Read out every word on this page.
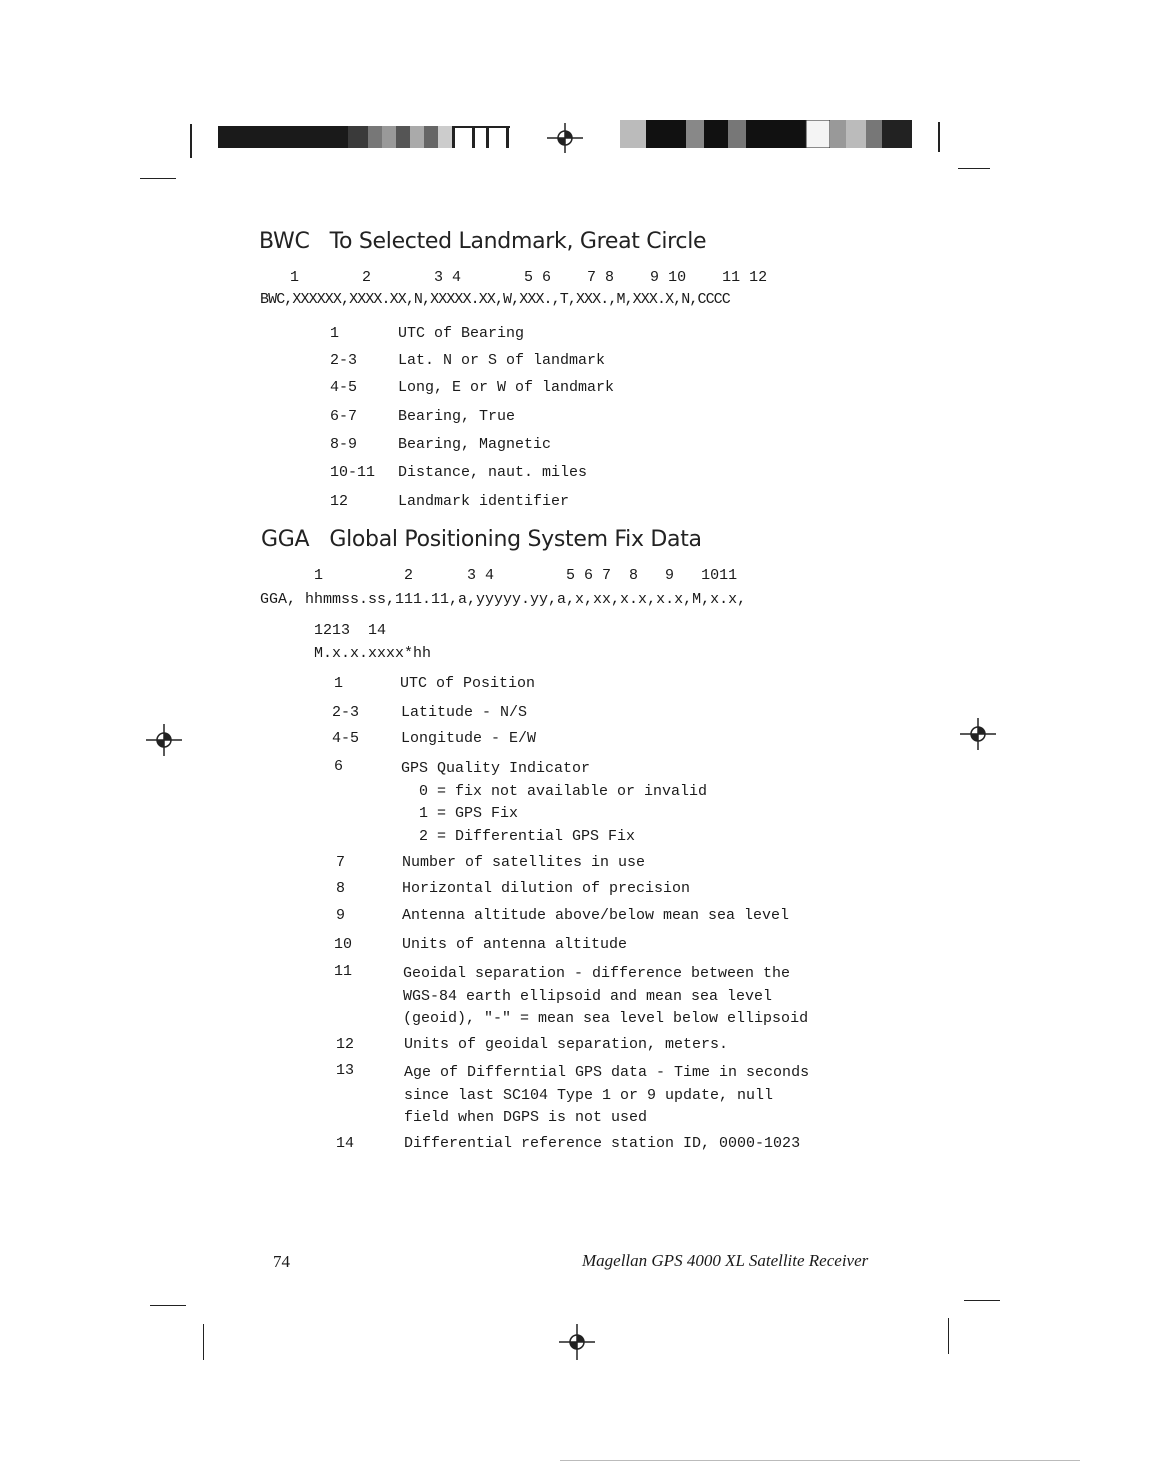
BWC   To Selected Landmark, Great Circle
1       2       3 4       5 6    7 8    9 10    11 12
BWC,XXXXXX,XXXX.XX,N,XXXXX.XX,W,XXX.,T,XXX.,M,XXX.X,N,CCCC
1	UTC of Bearing
2-3	Lat. N or S of landmark
4-5	Long, E or W of landmark
6-7	Bearing, True
8-9	Bearing, Magnetic
10-11 Distance, naut. miles
12	Landmark identifier
GGA   Global Positioning System Fix Data
1         2      3 4        5 6 7  8   9   1011
GGA, hhmmss.ss,111.11,a,yyyyy.yy,a,x,xx,x.x,x.x,M,x.x,
1213  14
M.x.x.xxxx*hh
1	UTC of Position
2-3	Latitude - N/S
4-5	Longitude - E/W
6	GPS Quality Indicator
0 = fix not available or invalid
1 = GPS Fix
2 = Differential GPS Fix
7	Number of satellites in use
8	Horizontal dilution of precision
9	Antenna altitude above/below mean sea level
10	Units of antenna altitude
11	Geoidal separation - difference between the
WGS-84 earth ellipsoid and mean sea level
(geoid), "-" = mean sea level below ellipsoid
12	Units of geoidal separation, meters.
13	Age of Differntial GPS data - Time in seconds
since last SC104 Type 1 or 9 update, null
field when DGPS is not used
14	Differential reference station ID, 0000-1023
74	Magellan GPS 4000 XL Satellite Receiver
